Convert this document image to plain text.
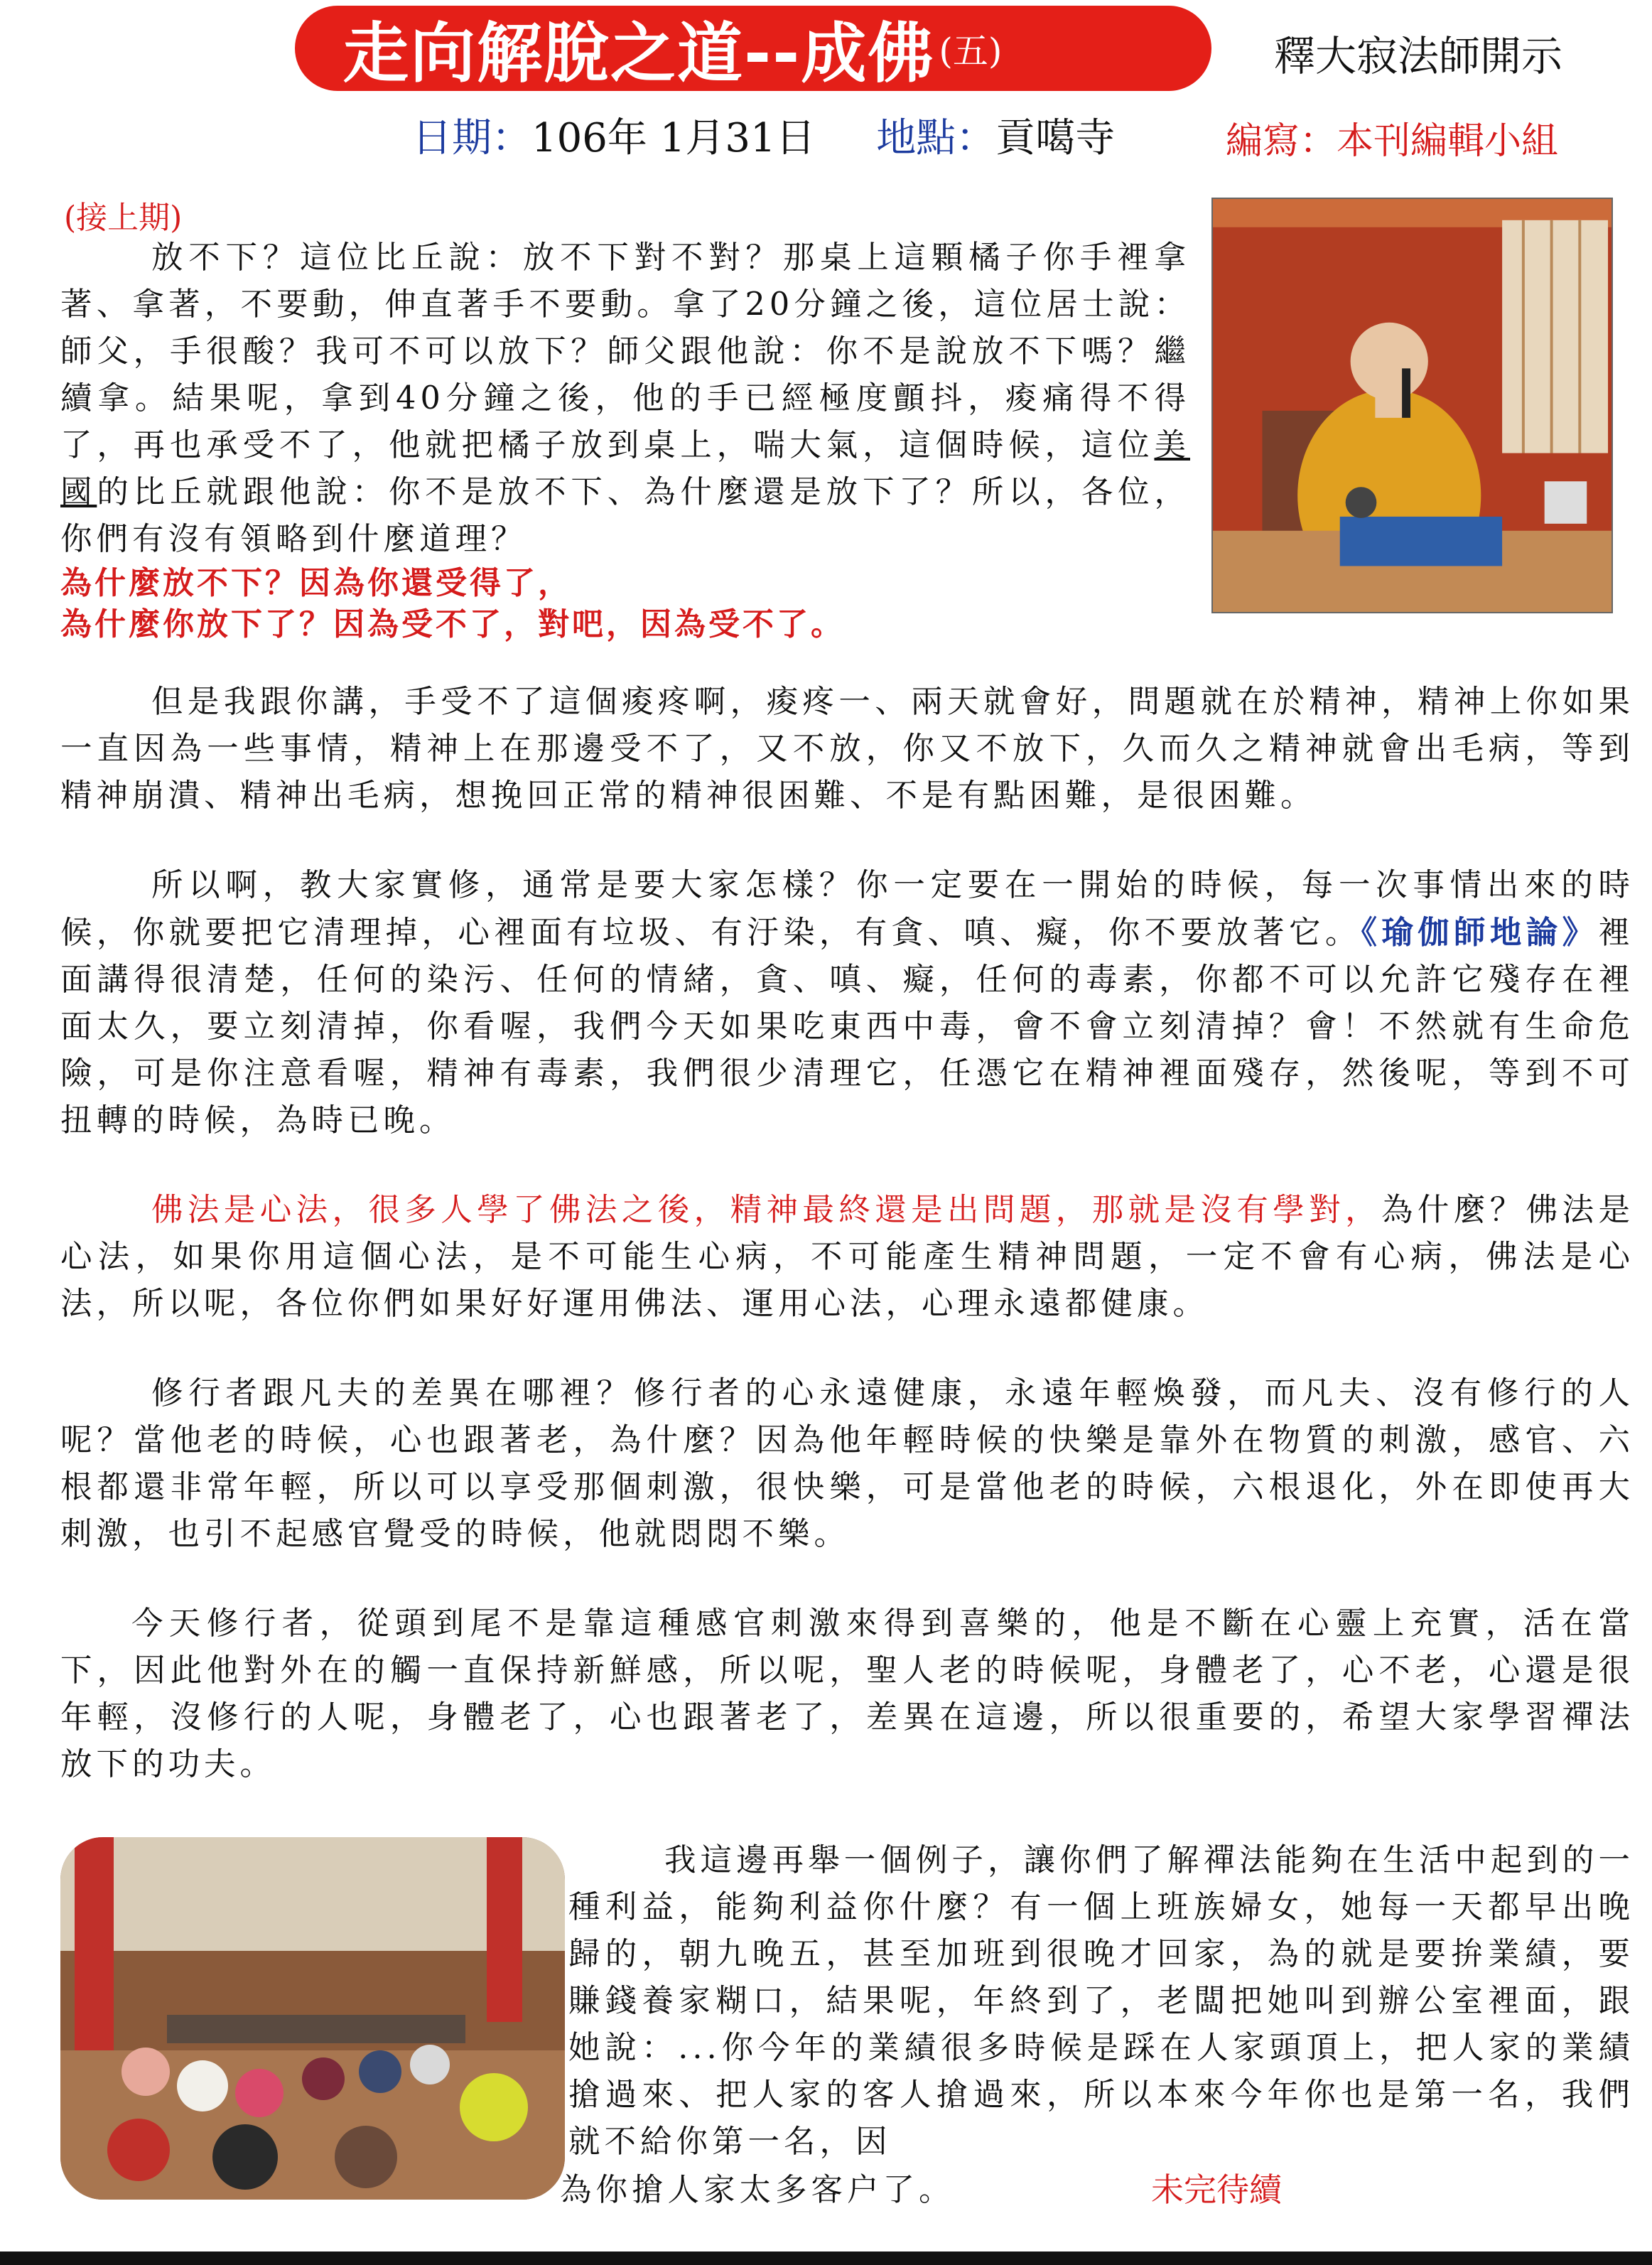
走向解脫之道--成佛 (五)	釋大寂法師開示
日期：106年 1月31日 地點：貢噶寺	編寫：本刊編輯小組
(接上期)
放不下？這位比丘說：放不下對不對？那桌上這顆橘子你手裡拿著、拿著，不要動，伸直著手不要動。拿了20分鐘之後，這位居士說：師父，手很酸？我可不可以放下？師父跟他說：你不是說放不下嗎？繼續拿。結果呢，拿到40分鐘之後，他的手已經極度顫抖，痠痛得不得了，再也承受不了，他就把橘子放到桌上，喘大氣，這個時候，這位美國的比丘就跟他說：你不是放不下、為什麼還是放下了？所以，各位，你們有沒有領略到什麼道理？
為什麼放不下？因為你還受得了，
為什麼你放下了？因為受不了，對吧，因為受不了。
但是我跟你講，手受不了這個痠疼啊，痠疼一、兩天就會好，問題就在於精神，精神上你如果一直因為一些事情，精神上在那邊受不了，又不放，你又不放下，久而久之精神就會出毛病，等到精神崩潰、精神出毛病，想挽回正常的精神很困難、不是有點困難，是很困難。
所以啊，教大家實修，通常是要大家怎樣？你一定要在一開始的時候，每一次事情出來的時候，你就要把它清理掉，心裡面有垃圾、有汙染，有貪、嗔、癡，你不要放著它。《瑜伽師地論》裡面講得很清楚，任何的染污、任何的情緒，貪、嗔、癡，任何的毒素，你都不可以允許它殘存在裡面太久，要立刻清掉，你看喔，我們今天如果吃東西中毒，會不會立刻清掉？會！不然就有生命危險，可是你注意看喔，精神有毒素，我們很少清理它，任憑它在精神裡面殘存，然後呢，等到不可扭轉的時候，為時已晚。
佛法是心法，很多人學了佛法之後，精神最終還是出問題，那就是沒有學對，為什麼？佛法是心法，如果你用這個心法，是不可能生心病，不可能產生精神問題，一定不會有心病，佛法是心法，所以呢，各位你們如果好好運用佛法、運用心法，心理永遠都健康。
修行者跟凡夫的差異在哪裡？修行者的心永遠健康，永遠年輕煥發，而凡夫、沒有修行的人呢？當他老的時候，心也跟著老，為什麼？因為他年輕時候的快樂是靠外在物質的刺激，感官、六根都還非常年輕，所以可以享受那個刺激，很快樂，可是當他老的時候，六根退化，外在即使再大刺激，也引不起感官覺受的時候，他就悶悶不樂。
今天修行者，從頭到尾不是靠這種感官刺激來得到喜樂的，他是不斷在心靈上充實，活在當下，因此他對外在的觸一直保持新鮮感，所以呢，聖人老的時候呢，身體老了，心不老，心還是很年輕，沒修行的人呢，身體老了，心也跟著老了，差異在這邊，所以很重要的，希望大家學習禪法放下的功夫。
我這邊再舉一個例子，讓你們了解禪法能夠在生活中起到的一種利益，能夠利益你什麼？有一個上班族婦女，她每一天都早出晚歸的，朝九晚五，甚至加班到很晚才回家，為的就是要拚業績，要賺錢養家糊口，結果呢，年終到了，老闆把她叫到辦公室裡面，跟她說：...你今年的業績很多時候是踩在人家頭頂上，把人家的業績搶過來、把人家的客人搶過來，所以本來今年你也是第一名，我們就不給你第一名，因
為你搶人家太多客户了。	未完待續
